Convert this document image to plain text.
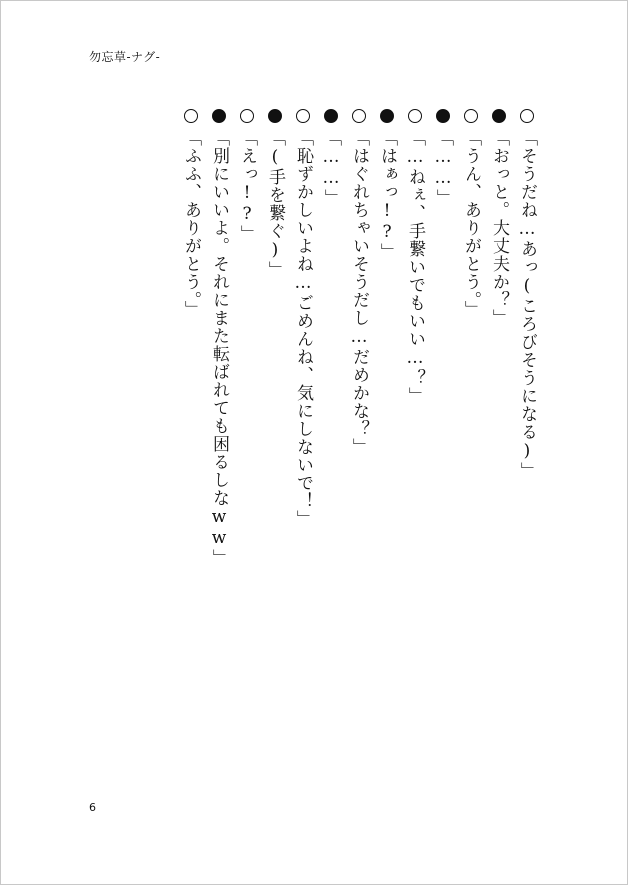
勿忘草-ナグ-
「そうだね…あっ(ころびそうになる)」
「おっと。大丈夫か？」
「うん、ありがとう。」
「……」
「…ねぇ、手繋いでもいい…？」
「はぁっ!?」
「はぐれちゃいそうだし…だめかな？」
「……」
「恥ずかしいよね…ごめんね、気にしないで！」
「(手を繋ぐ)」
「えっ!?」
「別にいいよ。それにまた転ばれても困るしなww」
「ふふ、ありがとう。」
6
